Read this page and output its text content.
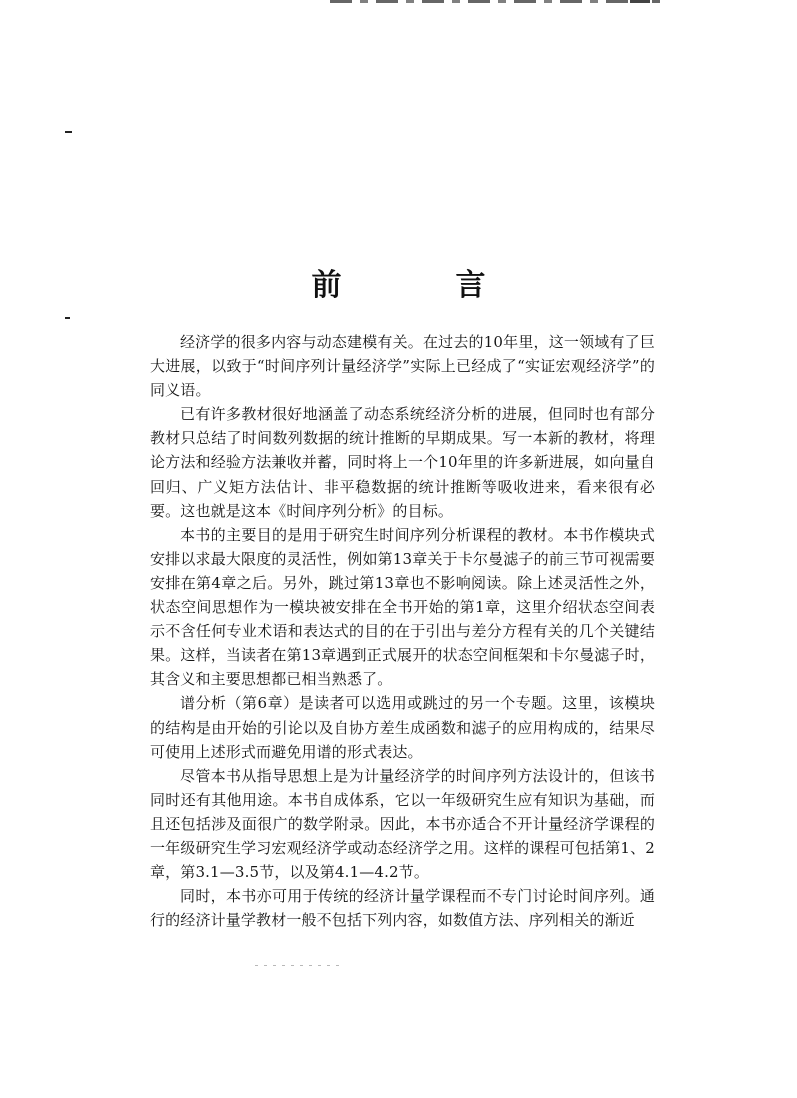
前　言

经济学的很多内容与动态建模有关。在过去的10年里，这一领域有了巨大进展，以致于“时间序列计量经济学”实际上已经成了“实证宏观经济学”的同义语。

已有许多教材很好地涵盖了动态系统经济分析的进展，但同时也有部分教材只总结了时间数列数据的统计推断的早期成果。写一本新的教材，将理论方法和经验方法兼收并蓄，同时将上一个10年里的许多新进展，如向量自回归、广义矩方法估计、非平稳数据的统计推断等吸收进来，看来很有必要。这也就是这本《时间序列分析》的目标。

本书的主要目的是用于研究生时间序列分析课程的教材。本书作模块式安排以求最大限度的灵活性，例如第13章关于卡尔曼滤子的前三节可视需要安排在第4章之后。另外，跳过第13章也不影响阅读。除上述灵活性之外，状态空间思想作为一模块被安排在全书开始的第1章，这里介绍状态空间表示不含任何专业术语和表达式的目的在于引出与差分方程有关的几个关键结果。这样，当读者在第13章遇到正式展开的状态空间框架和卡尔曼滤子时，其含义和主要思想都已相当熟悉了。

谱分析（第6章）是读者可以选用或跳过的另一个专题。这里，该模块的结构是由开始的引论以及自协方差生成函数和滤子的应用构成的，结果尽可使用上述形式而避免用谱的形式表达。

尽管本书从指导思想上是为计量经济学的时间序列方法设计的，但该书同时还有其他用途。本书自成体系，它以一年级研究生应有知识为基础，而且还包括涉及面很广的数学附录。因此，本书亦适合不开计量经济学课程的一年级研究生学习宏观经济学或动态经济学之用。这样的课程可包括第1、2章，第3.1—3.5节，以及第4.1—4.2节。

同时，本书亦可用于传统的经济计量学课程而不专门讨论时间序列。通行的经济计量学教材一般不包括下列内容，如数值方法、序列相关的渐近
